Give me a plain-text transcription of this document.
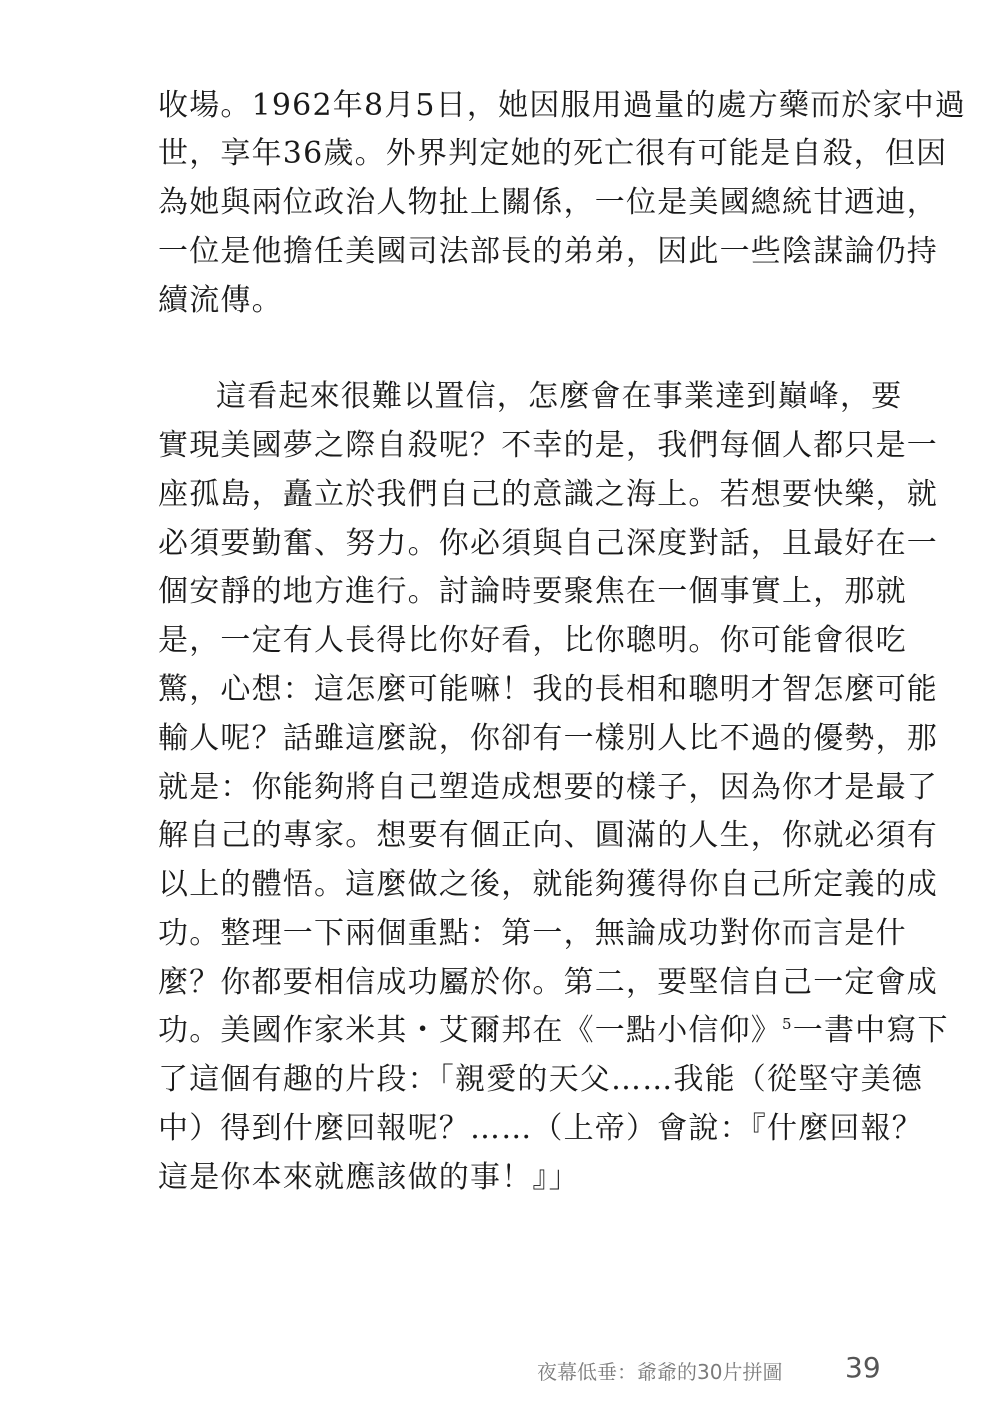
收場。1962年8月5日，她因服用過量的處方藥而於家中過
世，享年36歲。外界判定她的死亡很有可能是自殺，但因
為她與兩位政治人物扯上關係，一位是美國總統甘迺迪，
一位是他擔任美國司法部長的弟弟，因此一些陰謀論仍持
續流傳。
這看起來很難以置信，怎麼會在事業達到巔峰，要
實現美國夢之際自殺呢？不幸的是，我們每個人都只是一
座孤島，矗立於我們自己的意識之海上。若想要快樂，就
必須要勤奮、努力。你必須與自己深度對話，且最好在一
個安靜的地方進行。討論時要聚焦在一個事實上，那就
是，一定有人長得比你好看，比你聰明。你可能會很吃
驚，心想：這怎麼可能嘛！我的長相和聰明才智怎麼可能
輸人呢？話雖這麼說，你卻有一樣別人比不過的優勢，那
就是：你能夠將自己塑造成想要的樣子，因為你才是最了
解自己的專家。想要有個正向、圓滿的人生，你就必須有
以上的體悟。這麼做之後，就能夠獲得你自己所定義的成
功。整理一下兩個重點：第一，無論成功對你而言是什
麼？你都要相信成功屬於你。第二，要堅信自己一定會成
功。美國作家米其・艾爾邦在《一點小信仰》$^5$一書中寫下
了這個有趣的片段：「親愛的天父……我能（從堅守美德
中）得到什麼回報呢？……（上帝）會說：『什麼回報？
這是你本來就應該做的事！』」
夜幕低垂：爺爺的30片拼圖 39
